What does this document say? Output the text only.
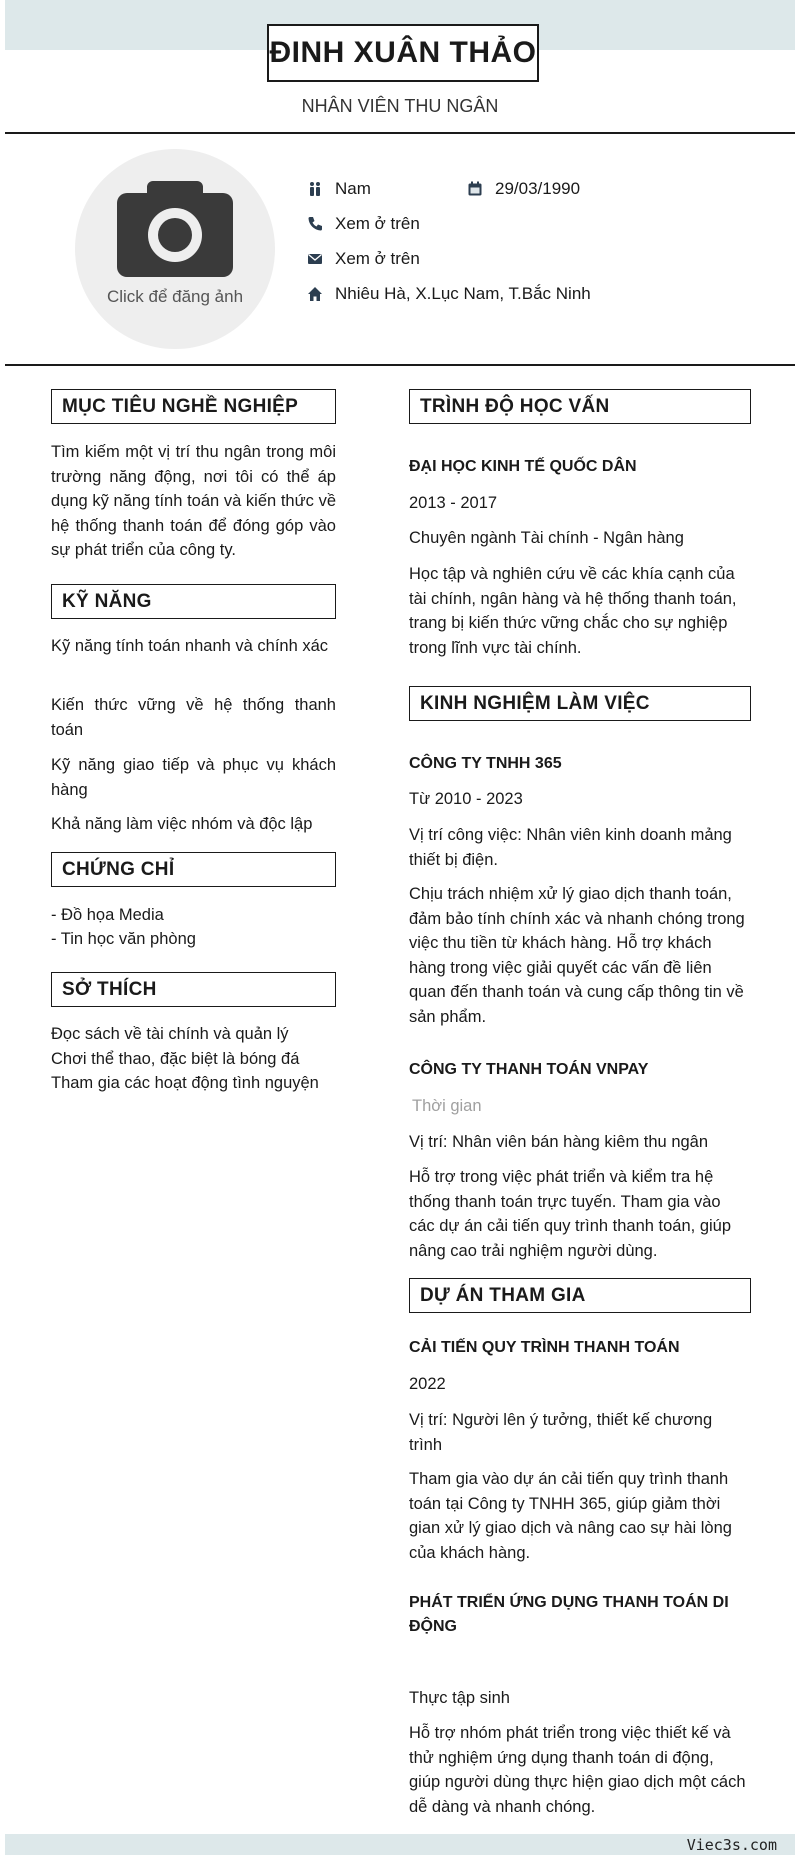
ĐINH XUÂN THẢO
NHÂN VIÊN THU NGÂN
Click để đăng ảnh
Nam	29/03/1990
Xem ở trên
Xem ở trên
Nhiêu Hà, X.Lục Nam, T.Bắc Ninh
MỤC TIÊU NGHỀ NGHIỆP
Tìm kiếm một vị trí thu ngân trong môi trường năng động, nơi tôi có thể áp dụng kỹ năng tính toán và kiến thức về hệ thống thanh toán để đóng góp vào sự phát triển của công ty.
KỸ NĂNG
Kỹ năng tính toán nhanh và chính xác
Kiến thức vững về hệ thống thanh toán
Kỹ năng giao tiếp và phục vụ khách hàng
Khả năng làm việc nhóm và độc lập
CHỨNG CHỈ
- Đồ họa Media
- Tin học văn phòng
SỞ THÍCH
Đọc sách về tài chính và quản lý
Chơi thể thao, đặc biệt là bóng đá
Tham gia các hoạt động tình nguyện
TRÌNH ĐỘ HỌC VẤN
ĐẠI HỌC KINH TẾ QUỐC DÂN
2013 - 2017
Chuyên ngành Tài chính - Ngân hàng
Học tập và nghiên cứu về các khía cạnh của tài chính, ngân hàng và hệ thống thanh toán, trang bị kiến thức vững chắc cho sự nghiệp trong lĩnh vực tài chính.
KINH NGHIỆM LÀM VIỆC
CÔNG TY TNHH 365
Từ 2010 - 2023
Vị trí công việc: Nhân viên kinh doanh mảng thiết bị điện.
Chịu trách nhiệm xử lý giao dịch thanh toán, đảm bảo tính chính xác và nhanh chóng trong việc thu tiền từ khách hàng. Hỗ trợ khách hàng trong việc giải quyết các vấn đề liên quan đến thanh toán và cung cấp thông tin về sản phẩm.
CÔNG TY THANH TOÁN VNPAY
Thời gian
Vị trí: Nhân viên bán hàng kiêm thu ngân
Hỗ trợ trong việc phát triển và kiểm tra hệ thống thanh toán trực tuyến. Tham gia vào các dự án cải tiến quy trình thanh toán, giúp nâng cao trải nghiệm người dùng.
DỰ ÁN THAM GIA
CẢI TIẾN QUY TRÌNH THANH TOÁN
2022
Vị trí: Người lên ý tưởng, thiết kế chương trình
Tham gia vào dự án cải tiến quy trình thanh toán tại Công ty TNHH 365, giúp giảm thời gian xử lý giao dịch và nâng cao sự hài lòng của khách hàng.
PHÁT TRIỂN ỨNG DỤNG THANH TOÁN DI ĐỘNG
Thực tập sinh
Hỗ trợ nhóm phát triển trong việc thiết kế và thử nghiệm ứng dụng thanh toán di động, giúp người dùng thực hiện giao dịch một cách dễ dàng và nhanh chóng.
Viec3s.com
